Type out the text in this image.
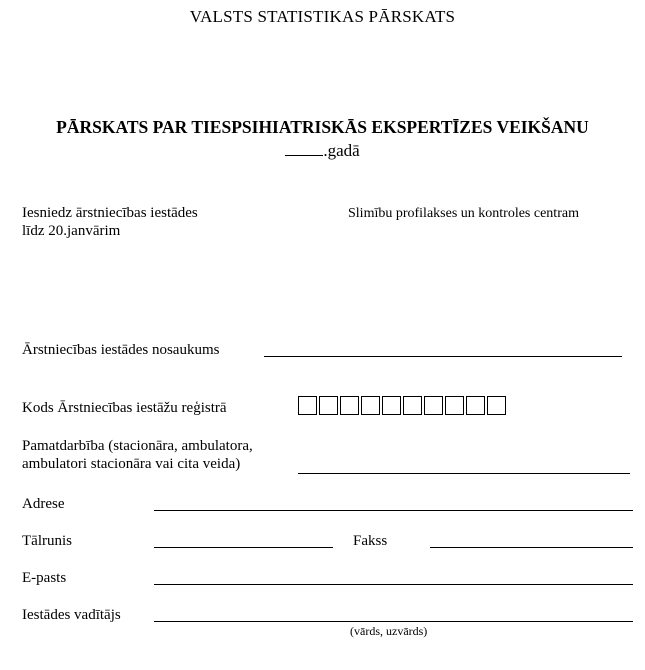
VALSTS STATISTIKAS PĀRSKATS
PĀRSKATS PAR TIESPSIHIATRISKĀS EKSPERTĪZES VEIKŠANU
.gadā
Iesniedz ārstniecības iestādes
līdz 20.janvārim
Slimību profilakses un kontroles centram
Ārstniecības iestādes nosaukums
Kods Ārstniecības iestāžu reģistrā
Pamatdarbība (stacionāra, ambulatora,
ambulatori stacionāra vai cita veida)
Adrese
Tālrunis	Fakss
E-pasts
Iestādes vadītājs
(vārds, uzvārds)
